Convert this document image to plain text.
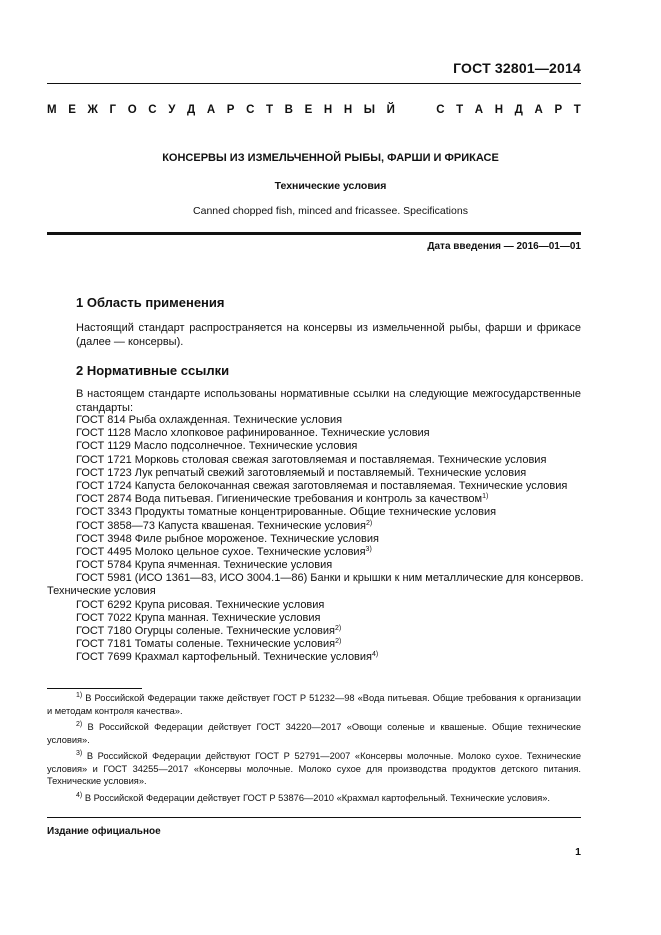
ГОСТ 32801—2014
М Е Ж Г О С У Д А Р С Т В Е Н Н Ы Й

	С Т А Н Д А Р Т
КОНСЕРВЫ ИЗ ИЗМЕЛЬЧЕННОЙ РЫБЫ, ФАРШИ И ФРИКАСЕ
Технические условия
Canned chopped fish, minced and fricassee. Specifications
Дата введения — 2016—01—01
1 Область применения
Настоящий стандарт распространяется на консервы из измельченной рыбы, фарши и фрикасе (далее — консервы).
2 Нормативные ссылки
В настоящем стандарте использованы нормативные ссылки на следующие межгосударственные стандарты:
ГОСТ 814 Рыба охлажденная. Технические условия
ГОСТ 1128 Масло хлопковое рафинированное. Технические условия
ГОСТ 1129 Масло подсолнечное. Технические условия
ГОСТ 1721 Морковь столовая свежая заготовляемая и поставляемая. Технические условия
ГОСТ 1723 Лук репчатый свежий заготовляемый и поставляемый. Технические условия
ГОСТ 1724 Капуста белокочанная свежая заготовляемая и поставляемая. Технические условия
ГОСТ 2874 Вода питьевая. Гигиенические требования и контроль за качеством$^{1)}$
ГОСТ 3343 Продукты томатные концентрированные. Общие технические условия
ГОСТ 3858—73 Капуста квашеная. Технические условия$^{2)}$
ГОСТ 3948 Филе рыбное мороженое. Технические условия
ГОСТ 4495 Молоко цельное сухое. Технические условия$^{3)}$
ГОСТ 5784 Крупа ячменная. Технические условия
ГОСТ 5981 (ИСО 1361—83, ИСО 3004.1—86) Банки и крышки к ним металлические для консервов. Технические условия
ГОСТ 6292 Крупа рисовая. Технические условия
ГОСТ 7022 Крупа манная. Технические условия
ГОСТ 7180 Огурцы соленые. Технические условия$^{2)}$
ГОСТ 7181 Томаты соленые. Технические условия$^{2)}$
ГОСТ 7699 Крахмал картофельный. Технические условия$^{4)}$
$^{1)}$ В Российской Федерации также действует ГОСТ Р 51232—98 «Вода питьевая. Общие требования к организации и методам контроля качества».
$^{2)}$ В Российской Федерации действует ГОСТ 34220—2017 «Овощи соленые и квашеные. Общие технические условия».
$^{3)}$ В Российской Федерации действуют ГОСТ Р 52791—2007 «Консервы молочные. Молоко сухое. Технические условия» и ГОСТ 34255—2017 «Консервы молочные. Молоко сухое для производства продуктов детского питания. Технические условия».
$^{4)}$ В Российской Федерации действует ГОСТ Р 53876—2010 «Крахмал картофельный. Технические условия».
Издание официальное
1
